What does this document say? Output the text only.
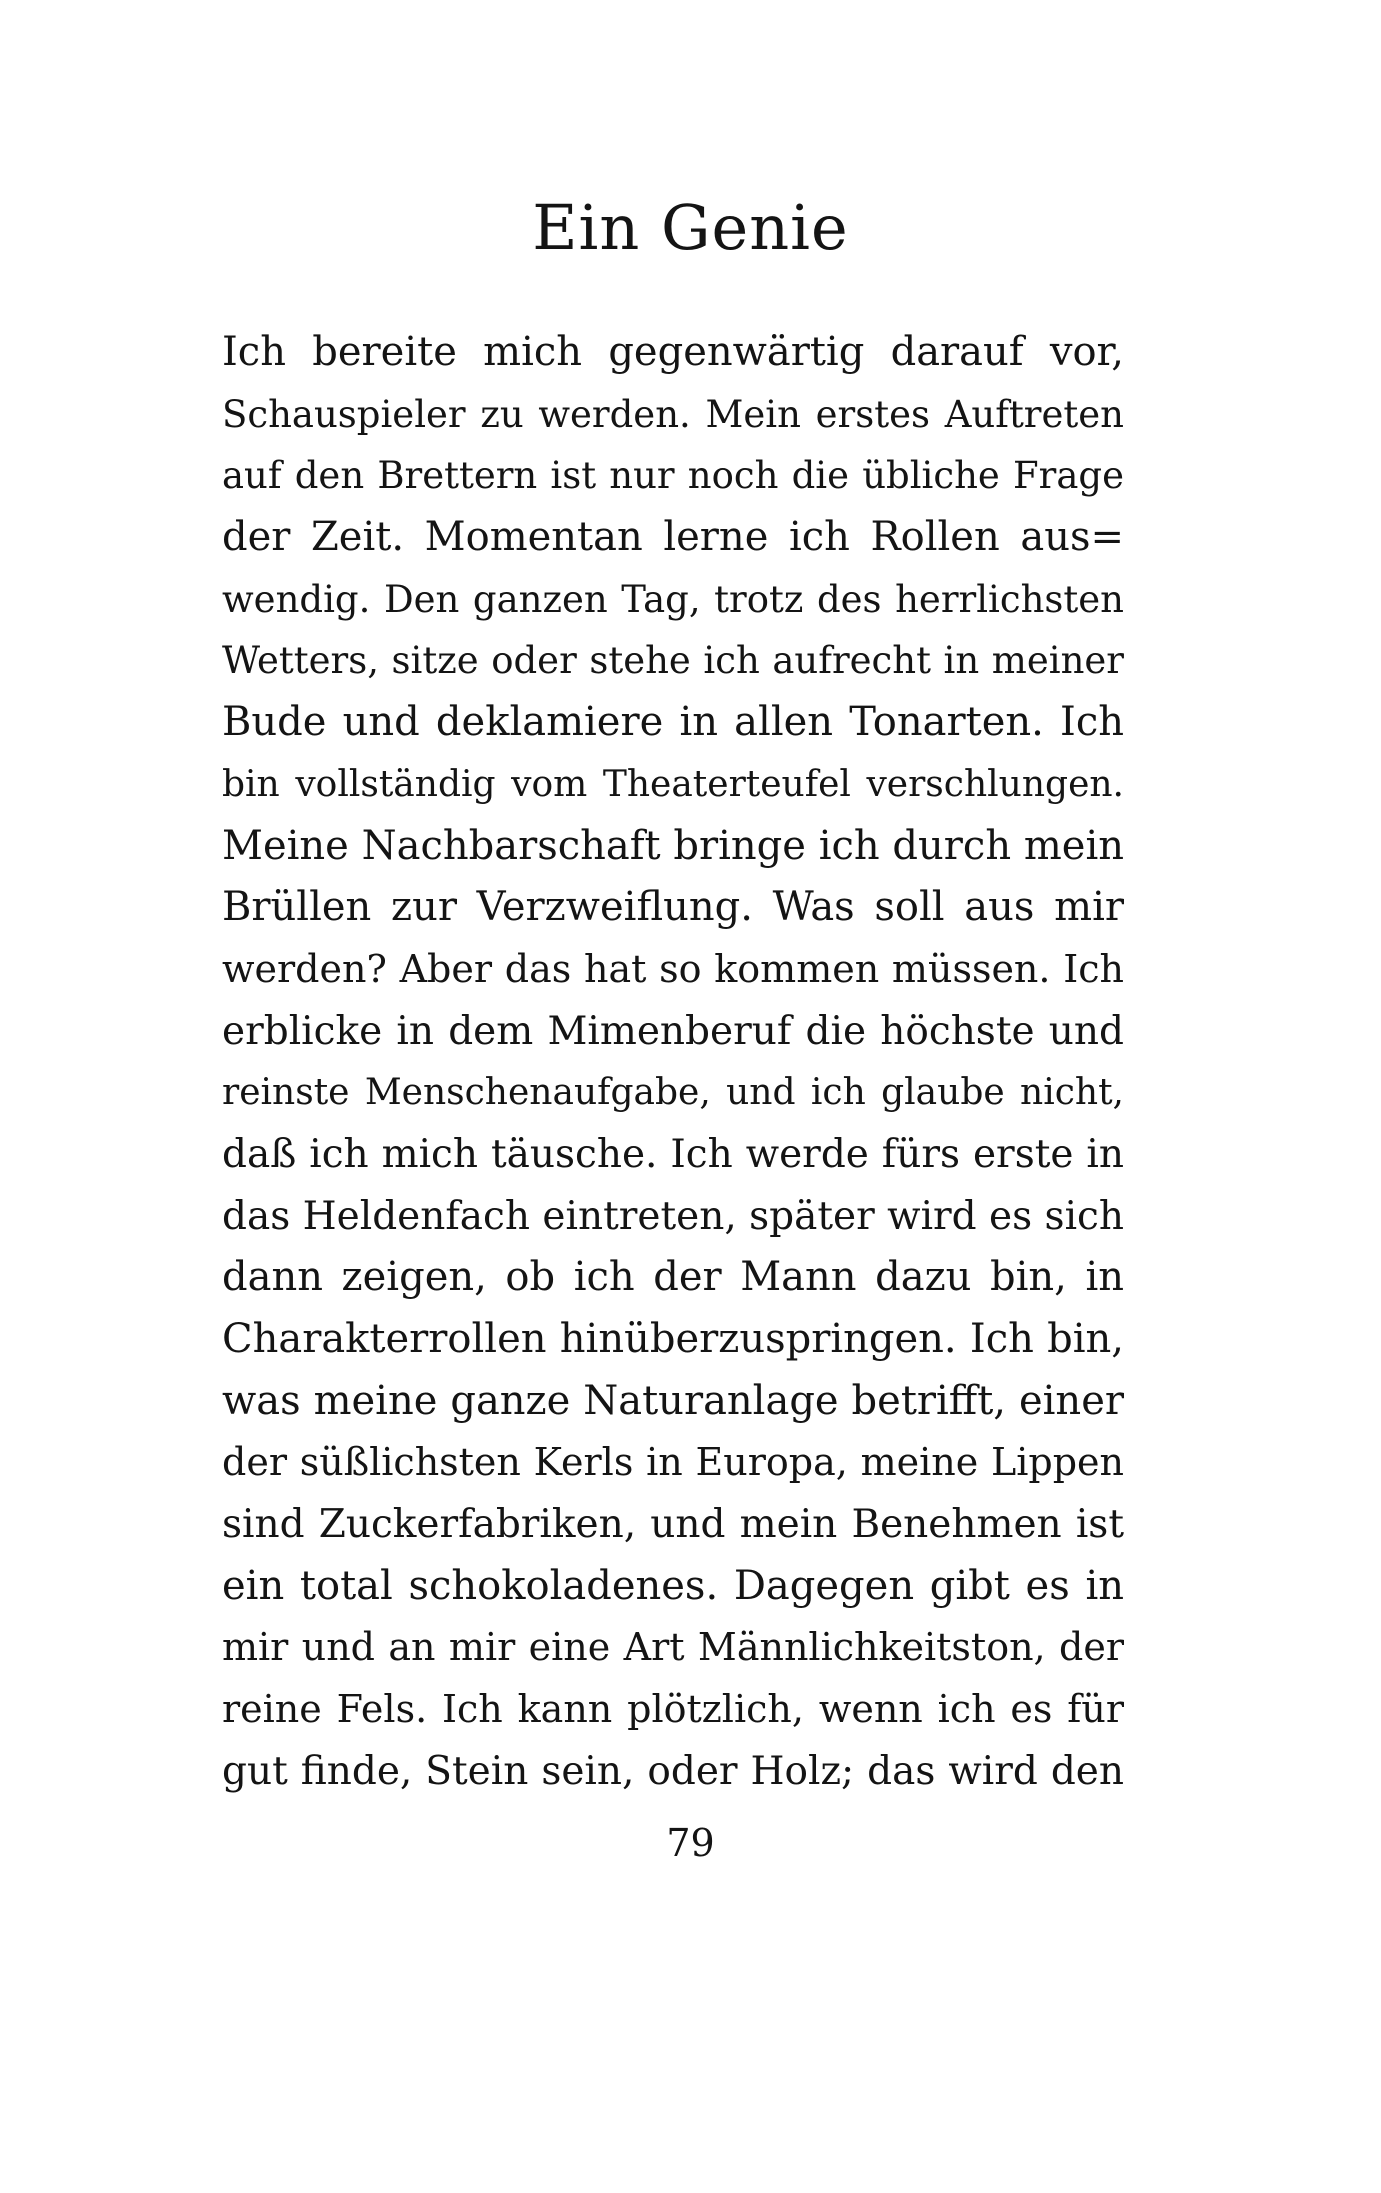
Ein Genie
Ich bereite mich gegenwärtig darauf vor,
Schauspieler zu werden. Mein erstes Auftreten
auf den Brettern ist nur noch die übliche Frage
der Zeit. Momentan lerne ich Rollen aus=
wendig. Den ganzen Tag, trotz des herrlichsten
Wetters, sitze oder stehe ich aufrecht in meiner
Bude und deklamiere in allen Tonarten. Ich
bin vollständig vom Theaterteufel verschlungen.
Meine Nachbarschaft bringe ich durch mein
Brüllen zur Verzweiflung. Was soll aus mir
werden? Aber das hat so kommen müssen. Ich
erblicke in dem Mimenberuf die höchste und
reinste Menschenaufgabe, und ich glaube nicht,
daß ich mich täusche. Ich werde fürs erste in
das Heldenfach eintreten, später wird es sich
dann zeigen, ob ich der Mann dazu bin, in
Charakterrollen hinüberzuspringen. Ich bin,
was meine ganze Naturanlage betrifft, einer
der süßlichsten Kerls in Europa, meine Lippen
sind Zuckerfabriken, und mein Benehmen ist
ein total schokoladenes. Dagegen gibt es in
mir und an mir eine Art Männlichkeitston, der
reine Fels. Ich kann plötzlich, wenn ich es für
gut finde, Stein sein, oder Holz; das wird den
79
